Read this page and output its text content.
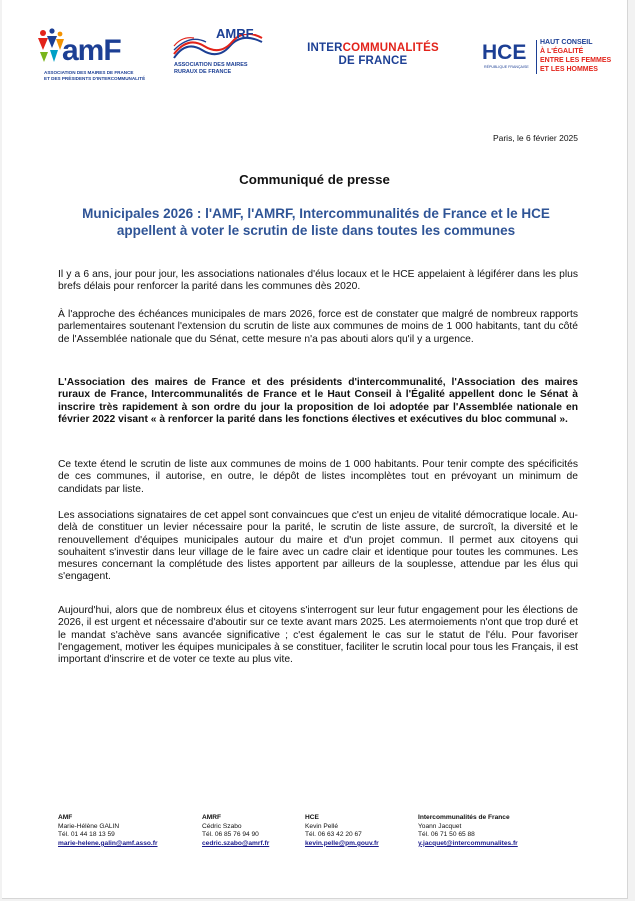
amF
ASSOCIATION DES MAIRES DE FRANCE
ET DES PRÉSIDENTS D'INTERCOMMUNALITÉ
AMRF
ASSOCIATION DES MAIRES
RURAUX DE FRANCE
INTERCOMMUNALITÉS
DE FRANCE	HCE
RÉPUBLIQUE FRANÇAISE
HAUT CONSEIL
À L'ÉGALITÉ
ENTRE LES FEMMES
ET LES HOMMES
Paris, le 6 février 2025
Communiqué de presse
Municipales 2026 : l'AMF, l'AMRF, Intercommunalités de France et le HCE appellent à voter le scrutin de liste dans toutes les communes
Il y a 6 ans, jour pour jour, les associations nationales d'élus locaux et le HCE appelaient à légiférer dans les plus brefs délais pour renforcer la parité dans les communes dès 2020.
À l'approche des échéances municipales de mars 2026, force est de constater que malgré de nombreux rapports parlementaires soutenant l'extension du scrutin de liste aux communes de moins de 1 000 habitants, tant du côté de l'Assemblée nationale que du Sénat, cette mesure n'a pas abouti alors qu'il y a urgence.
L'Association des maires de France et des présidents d'intercommunalité, l'Association des maires ruraux de France, Intercommunalités de France et le Haut Conseil à l'Égalité appellent donc le Sénat à inscrire très rapidement à son ordre du jour la proposition de loi adoptée par l'Assemblée nationale en février 2022 visant « à renforcer la parité dans les fonctions électives et exécutives du bloc communal ».
Ce texte étend le scrutin de liste aux communes de moins de 1 000 habitants. Pour tenir compte des spécificités de ces communes, il autorise, en outre, le dépôt de listes incomplètes tout en prévoyant un minimum de candidats par liste.
Les associations signataires de cet appel sont convaincues que c'est un enjeu de vitalité démocratique locale. Au-delà de constituer un levier nécessaire pour la parité, le scrutin de liste assure, de surcroît, la diversité et le renouvellement d'équipes municipales autour du maire et d'un projet commun. Il permet aux citoyens qui souhaitent s'investir dans leur village de le faire avec un cadre clair et identique pour toutes les communes. Les mesures concernant la complétude des listes apportent par ailleurs de la souplesse, attendue par les élus qui s'engagent.
Aujourd'hui, alors que de nombreux élus et citoyens s'interrogent sur leur futur engagement pour les élections de 2026, il est urgent et nécessaire d'aboutir sur ce texte avant mars 2025. Les atermoiements n'ont que trop duré et le mandat s'achève sans avancée significative ; c'est également le cas sur le statut de l'élu. Pour favoriser l'engagement, motiver les équipes municipales à se constituer, faciliter le scrutin local pour tous les Français, il est important d'inscrire et de voter ce texte au plus vite.
AMF
Marie-Hélène GALIN
Tél. 01 44 18 13 59
marie-helene.galin@amf.asso.fr
AMRF
Cédric Szabo
Tél. 06 85 76 94 90
cedric.szabo@amrf.fr
HCE
Kevin Pellé
Tél. 06 63 42 20 67
kevin.pelle@pm.gouv.fr
Intercommunalités de France
Yoann Jacquet
Tél. 06 71 50 65 88
y.jacquet@intercommunalites.fr
